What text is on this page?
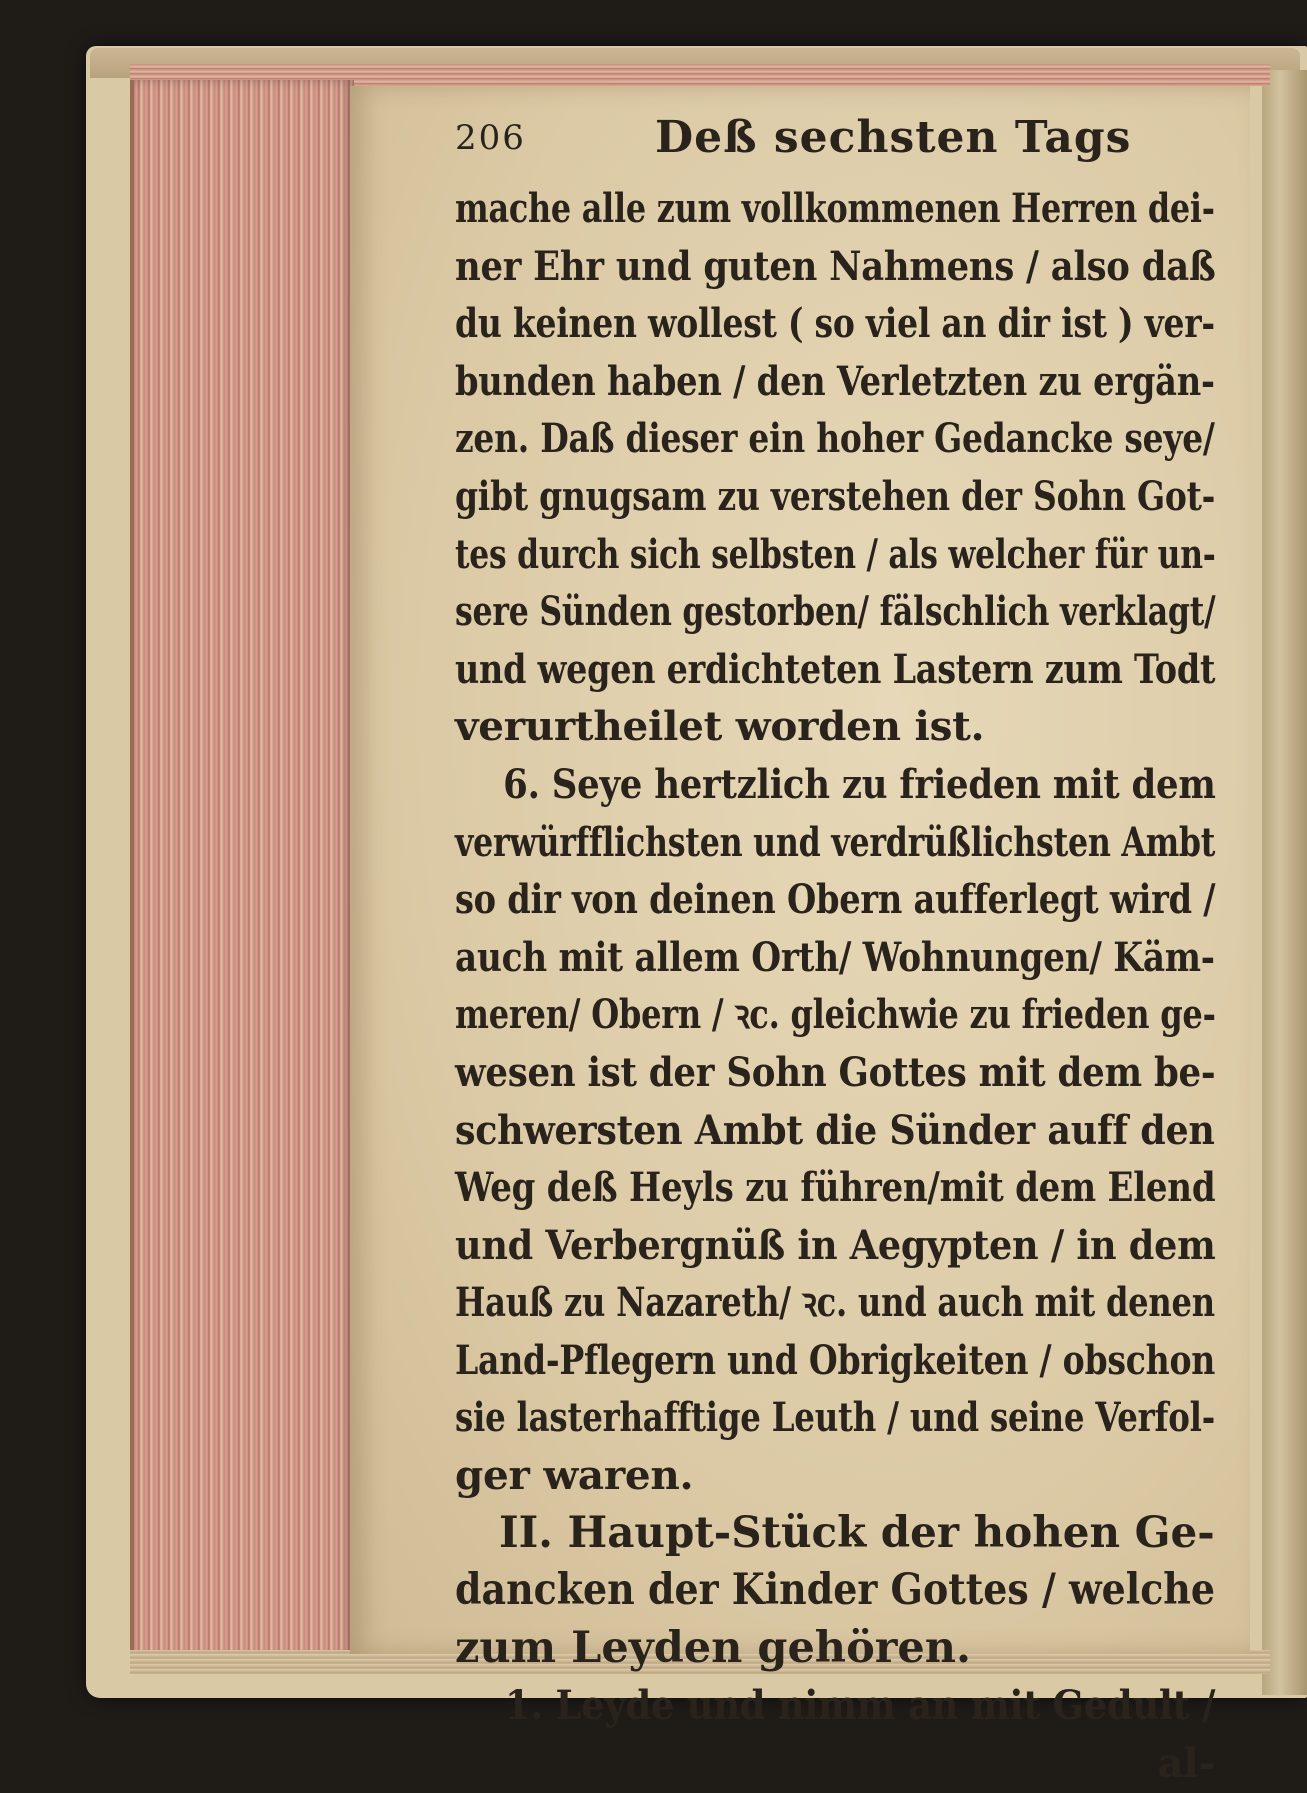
206	Deß sechsten Tags
mache alle zum vollkommenen Herren dei-
ner Ehr und guten Nahmens / also daß
du keinen wollest ( so viel an dir ist ) ver-
bunden haben / den Verletzten zu ergän-
zen. Daß dieser ein hoher Gedancke seye/
gibt gnugsam zu verstehen der Sohn Got-
tes durch sich selbsten / als welcher für un-
sere Sünden gestorben/ fälschlich verklagt/
und wegen erdichteten Lastern zum Todt
verurtheilet worden ist.
6. Seye hertzlich zu frieden mit dem
verwürfflichsten und verdrüßlichsten Ambt
so dir von deinen Obern aufferlegt wird /
auch mit allem Orth/ Wohnungen/ Käm-
meren/ Obern / ꝛc. gleichwie zu frieden ge-
wesen ist der Sohn Gottes mit dem be-
schwersten Ambt die Sünder auff den
Weg deß Heyls zu führen/mit dem Elend
und Verbergnüß in Aegypten / in dem
Hauß zu Nazareth/ ꝛc. und auch mit denen
Land-Pflegern und Obrigkeiten / obschon
sie lasterhafftige Leuth / und seine Verfol-
ger waren.
II. Haupt-Stück der hohen Ge-
dancken der Kinder Gottes / welche
zum Leyden gehören.
1. Leyde und nimm an mit Gedult /
al-
